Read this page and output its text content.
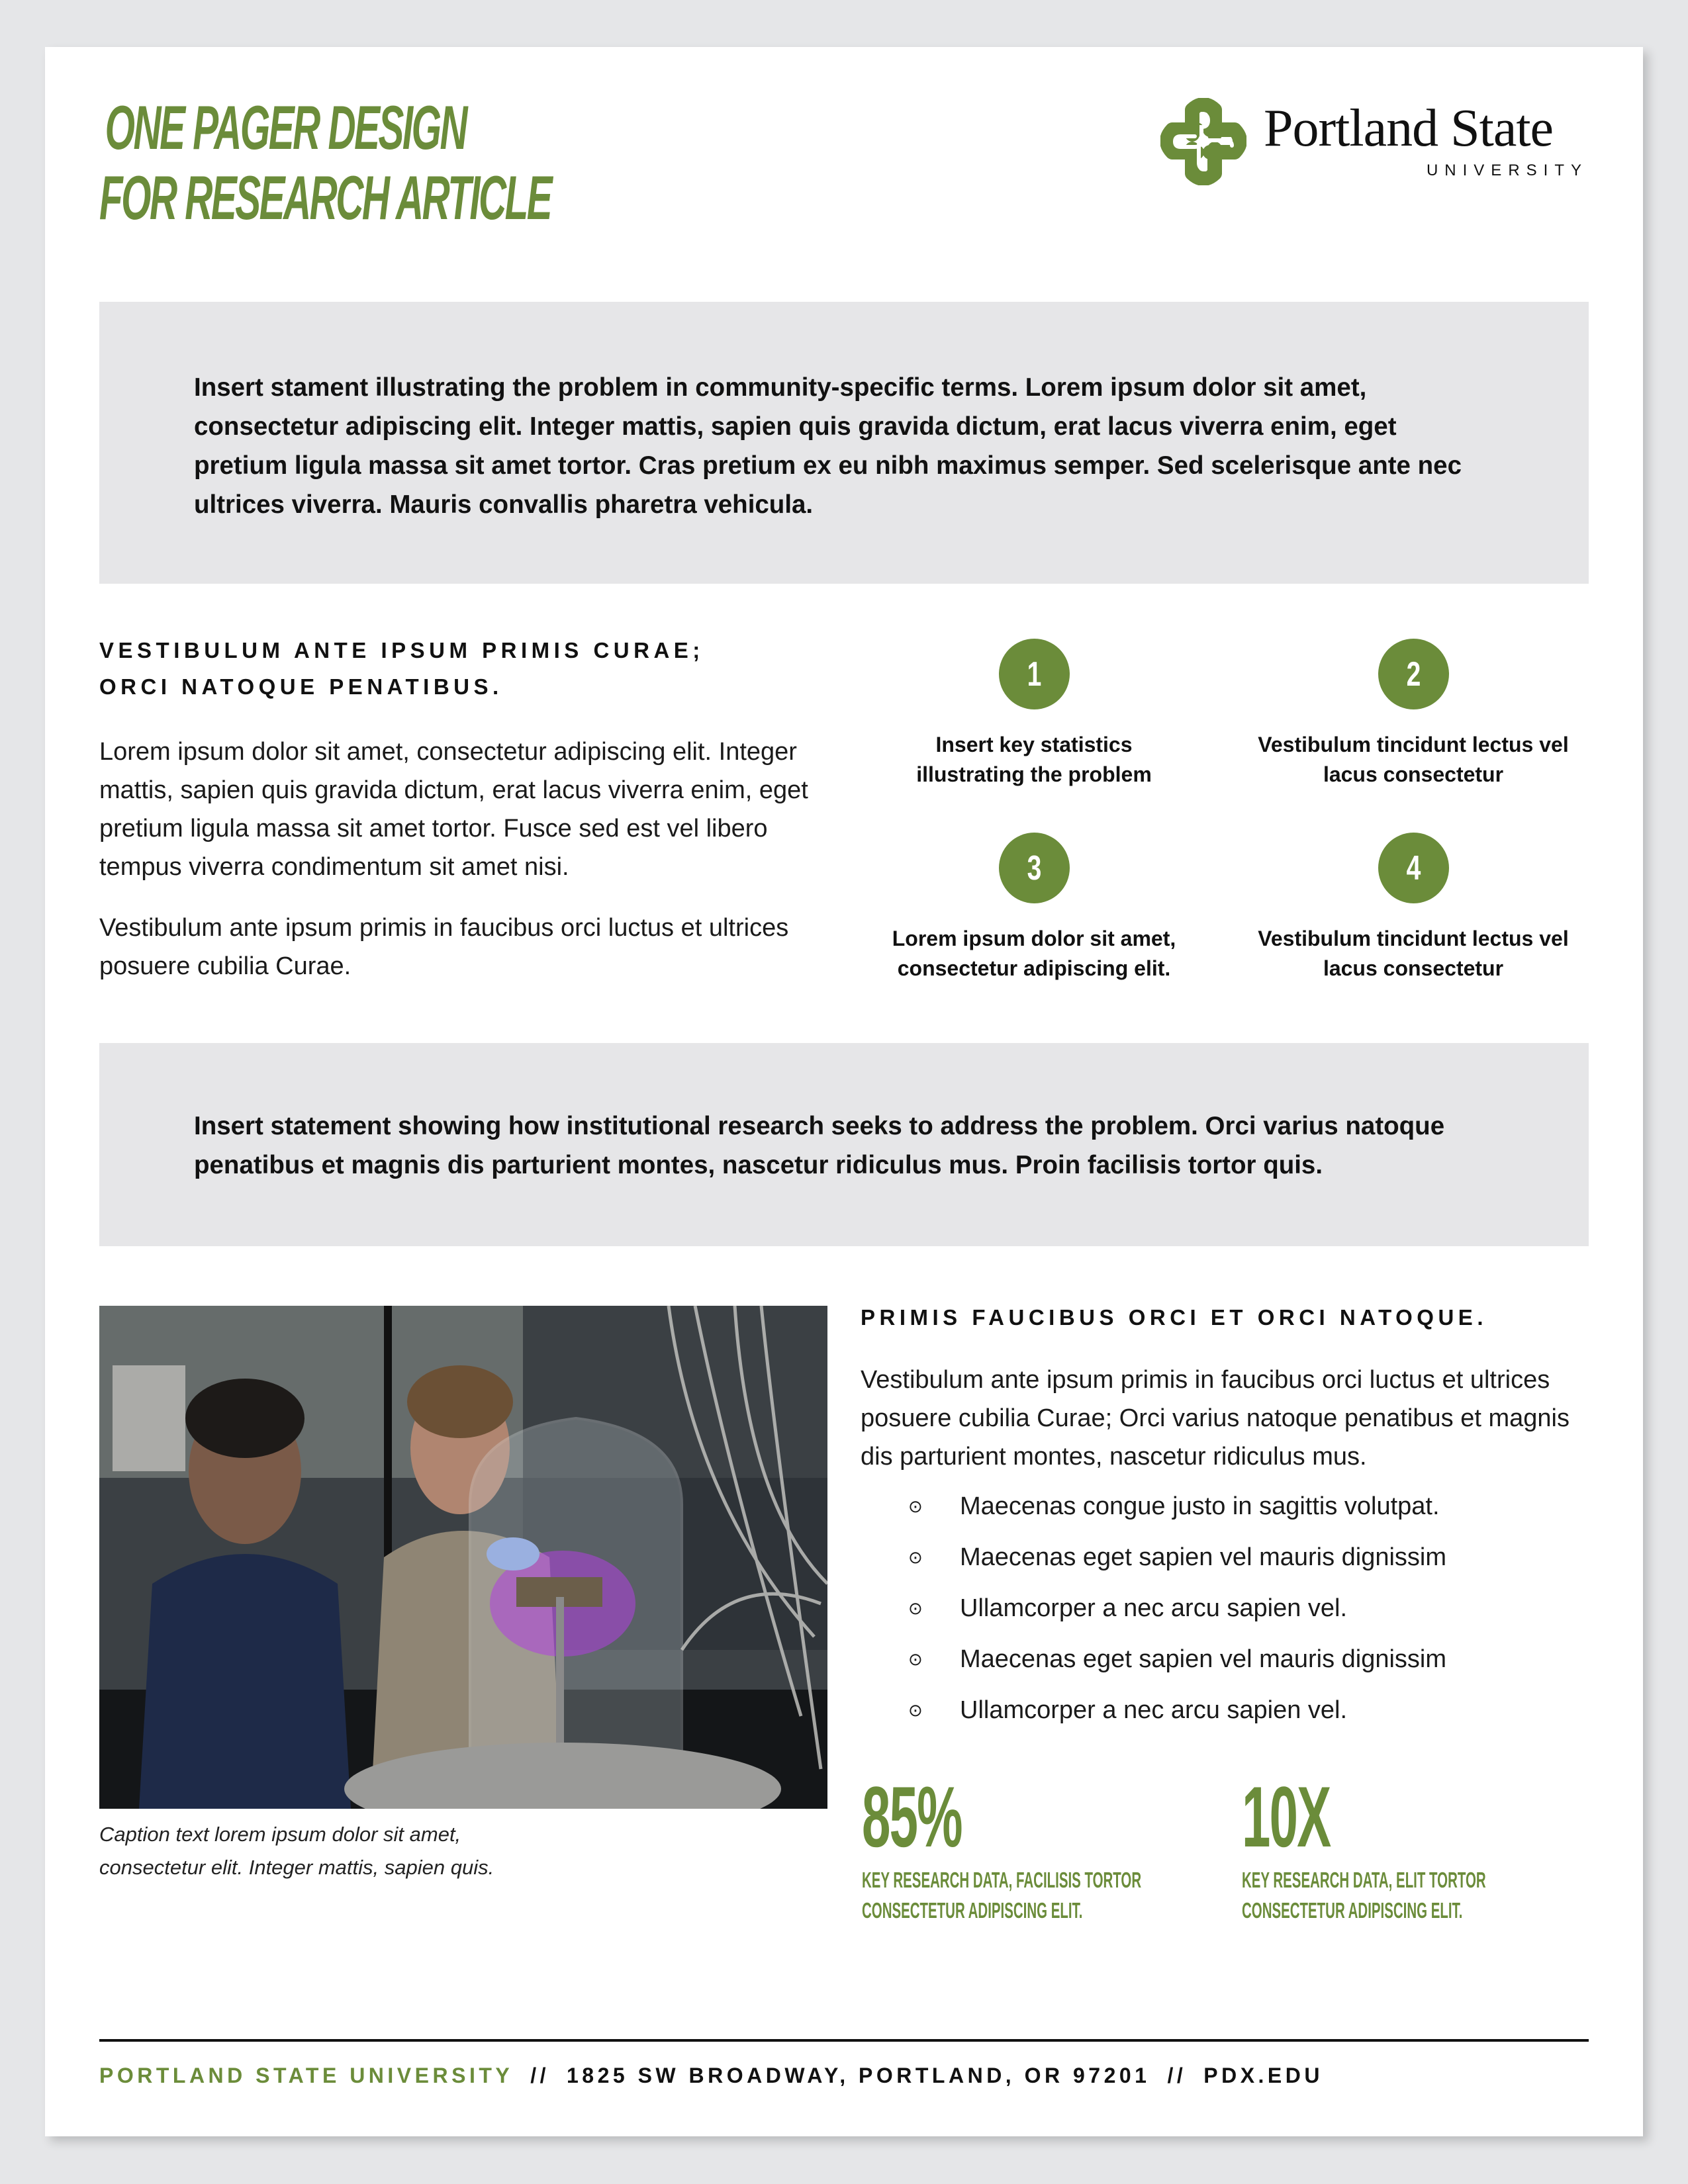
ONE PAGER DESIGN
FOR RESEARCH ARTICLE
Portland State
UNIVERSITY

Insert stament illustrating the problem in community-specific terms. Lorem ipsum dolor sit amet, consectetur adipiscing elit. Integer mattis, sapien quis gravida dictum, erat lacus viverra enim, eget pretium ligula massa sit amet tortor. Cras pretium ex eu nibh maximus semper. Sed scelerisque ante nec ultrices viverra. Mauris convallis pharetra vehicula.

VESTIBULUM ANTE IPSUM PRIMIS CURAE;
ORCI NATOQUE PENATIBUS.

Lorem ipsum dolor sit amet, consectetur adipiscing elit. Integer mattis, sapien quis gravida dictum, erat lacus viverra enim, eget pretium ligula massa sit amet tortor. Fusce sed est vel libero tempus viverra condimentum sit amet nisi.

Vestibulum ante ipsum primis in faucibus orci luctus et ultrices posuere cubilia Curae.

1
Insert key statistics
illustrating the problem
2
Vestibulum tincidunt lectus vel
lacus consectetur
3
Lorem ipsum dolor sit amet,
consectetur adipiscing elit.
4
Vestibulum tincidunt lectus vel
lacus consectetur

Insert statement showing how institutional research seeks to address the problem. Orci varius natoque penatibus et magnis dis parturient montes, nascetur ridiculus mus. Proin facilisis tortor quis.

Caption text lorem ipsum dolor sit amet,
consectetur elit. Integer mattis, sapien quis.

PRIMIS FAUCIBUS ORCI ET ORCI NATOQUE.

Vestibulum ante ipsum primis in faucibus orci luctus et ultrices posuere cubilia Curae; Orci varius natoque penatibus et magnis dis parturient montes, nascetur ridiculus mus.

⊙	Maecenas congue justo in sagittis volutpat.
⊙	Maecenas eget sapien vel mauris dignissim
⊙	Ullamcorper a nec arcu sapien vel.
⊙	Maecenas eget sapien vel mauris dignissim
⊙	Ullamcorper a nec arcu sapien vel.

85%

KEY RESEARCH DATA, FACILISIS TORTOR
CONSECTETUR ADIPISCING ELIT.

10X

KEY RESEARCH DATA, ELIT TORTOR
CONSECTETUR ADIPISCING ELIT.

PORTLAND STATE UNIVERSITY // 1825 SW BROADWAY, PORTLAND, OR 97201 // PDX.EDU
